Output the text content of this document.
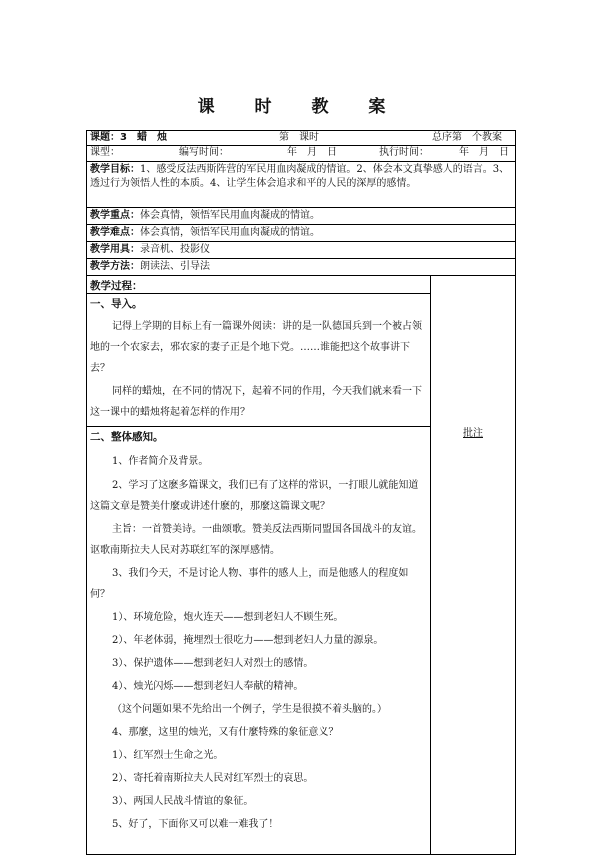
课 时 教 案
课题：3　蜡　烛	第　课时	总序第　个教案
课型：	编写时间：	年　月　日	执行时间：	年　月　日
教学目标：1、感受反法西斯阵营的军民用血肉凝成的情谊。2、体会本文真挚感人的语言。3、透过行为领悟人性的本质。4、让学生体会追求和平的人民的深厚的感情。
教学重点：体会真情，领悟军民用血肉凝成的情谊。
教学难点：体会真情，领悟军民用血肉凝成的情谊。
教学用具：录音机、投影仪
教学方法：朗读法、引导法
教学过程：
一、导入。
记得上学期的目标上有一篇课外阅读：讲的是一队德国兵到一个被占领地的一个农家去，邪农家的妻子正是个地下党。……谁能把这个故事讲下去？
同样的蜡烛，在不同的情况下，起着不同的作用，今天我们就来看一下这一课中的蜡烛将起着怎样的作用？
二、整体感知。
1、作者简介及背景。
2、学习了这麽多篇课文，我们已有了这样的常识，一打眼儿就能知道这篇文章是赞美什麼或讲述什麽的，那麼这篇课文呢？
主旨：一首赞美诗。一曲颂歌。赞美反法西斯同盟国各国战斗的友谊。讴歌南斯拉夫人民对苏联红军的深厚感情。
3、我们今天，不是讨论人物、事件的感人上，而是他感人的程度如何？
1）、环境危险，炮火连天——想到老妇人不顾生死。
2）、年老体弱，掩埋烈士很吃力——想到老妇人力量的源泉。
3）、保护遗体——想到老妇人对烈士的感情。
4）、烛光闪烁——想到老妇人奉献的精神。
（这个问题如果不先给出一个例子，学生是很摸不着头脑的。）
4、那麼，这里的烛光，又有什麼特殊的象征意义？
1）、红军烈士生命之光。
2）、寄托着南斯拉夫人民对红军烈士的哀思。
3）、两国人民战斗情谊的象征。
5、好了，下面你又可以难一难我了！
批注
